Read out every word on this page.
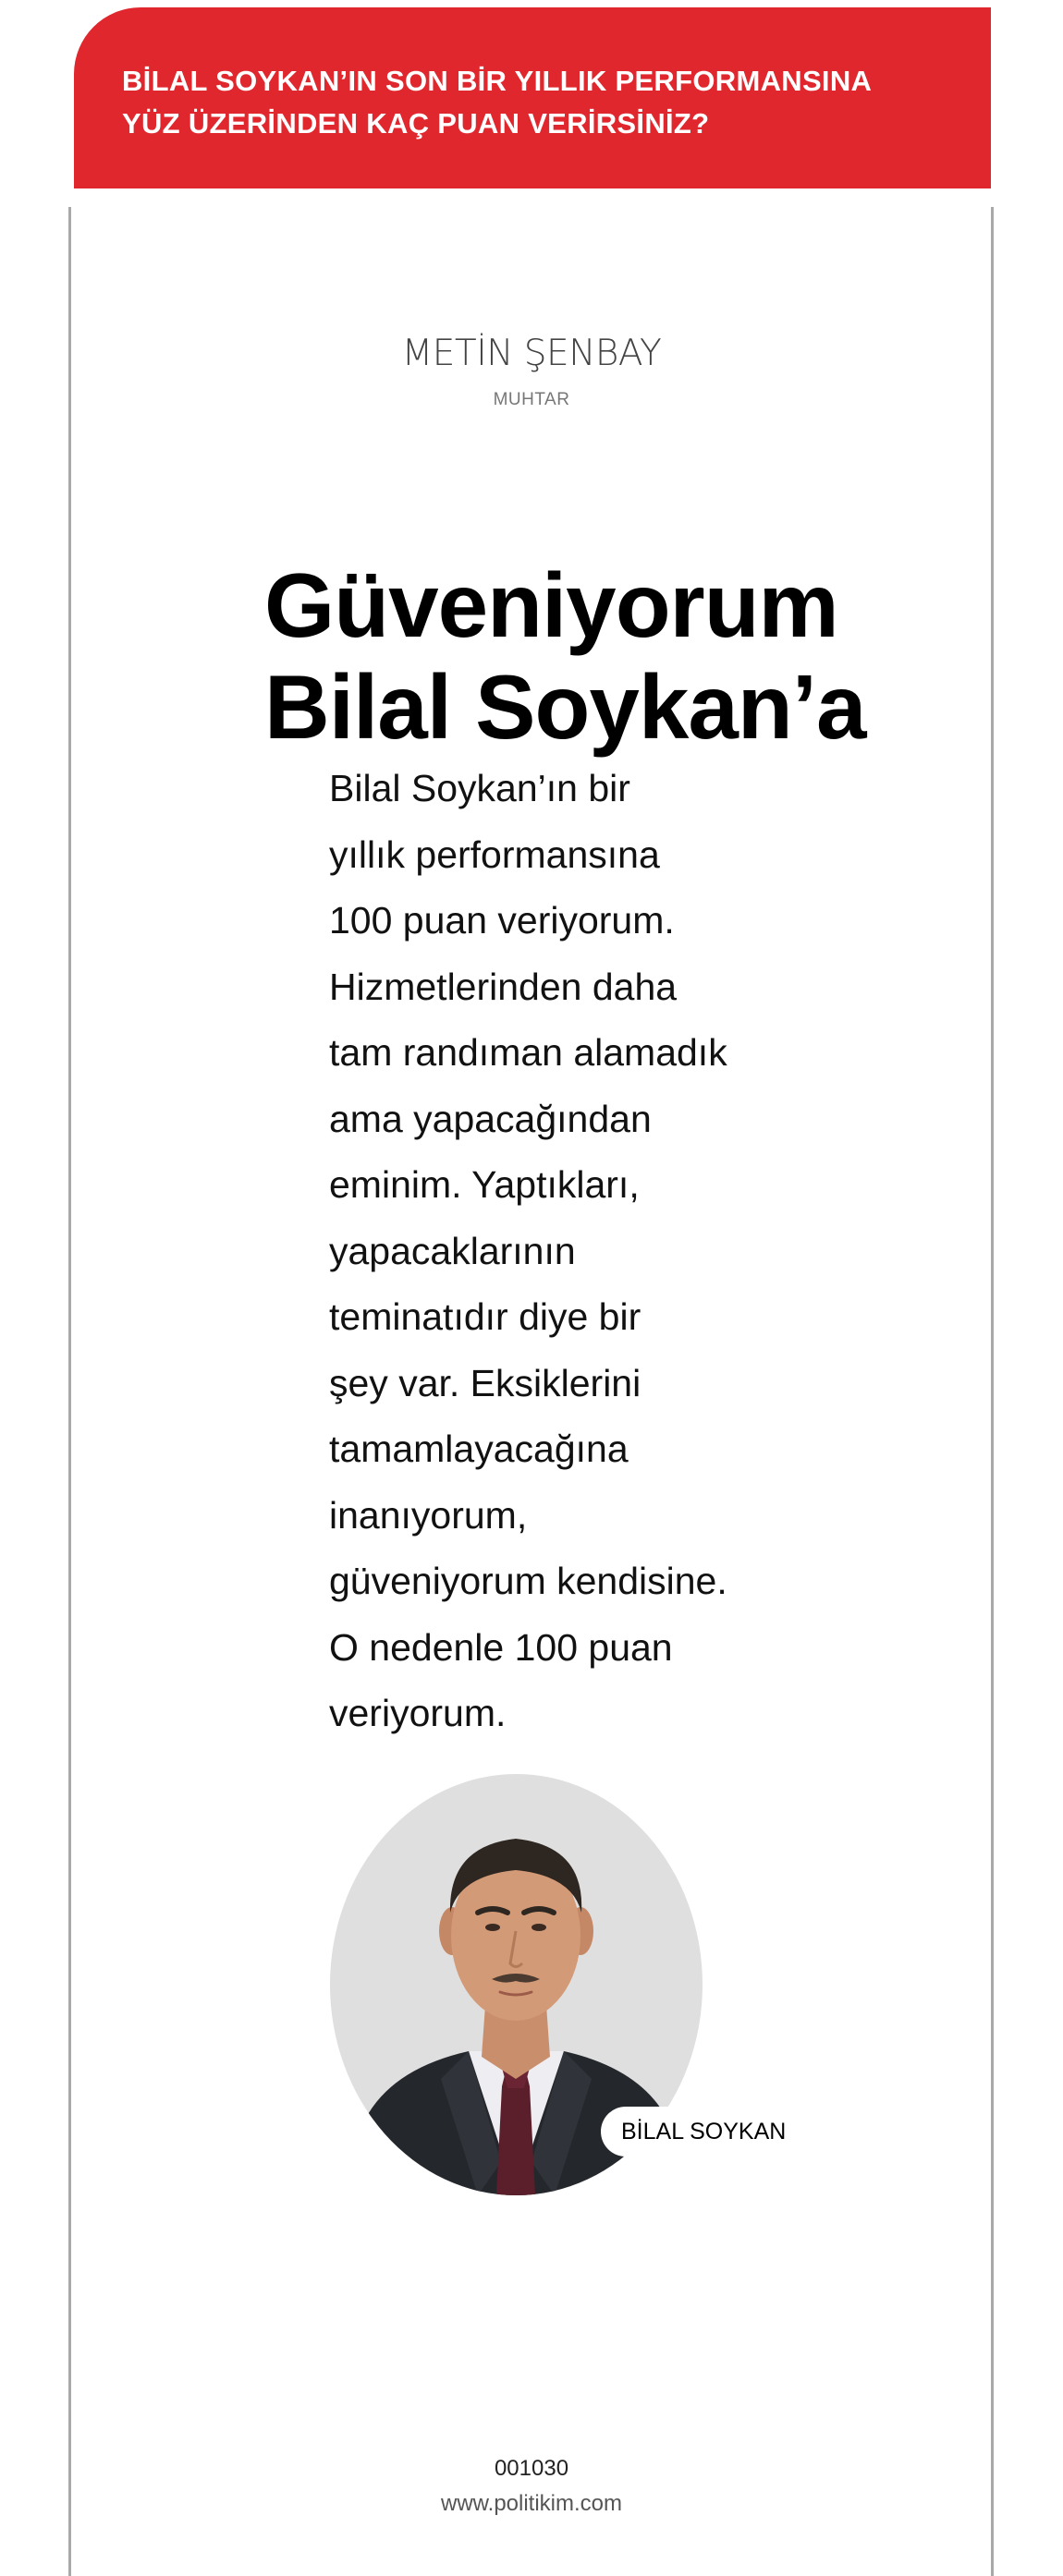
BİLAL SOYKAN’IN SON BİR YILLIK PERFORMANSINA
YÜZ ÜZERİNDEN KAÇ PUAN VERİRSİNİZ?
METİN ŞENBAY
MUHTAR
Güveniyorum
Bilal Soykan’a
Bilal Soykan’ın bir
yıllık performansına
100 puan veriyorum.
Hizmetlerinden daha
tam randıman alamadık
ama yapacağından
eminim. Yaptıkları,
yapacaklarının
teminatıdır diye bir
şey var. Eksiklerini
tamamlayacağına
inanıyorum,
güveniyorum kendisine.
O nedenle 100 puan
veriyorum.
BİLAL SOYKAN
001030
www.politikim.com
